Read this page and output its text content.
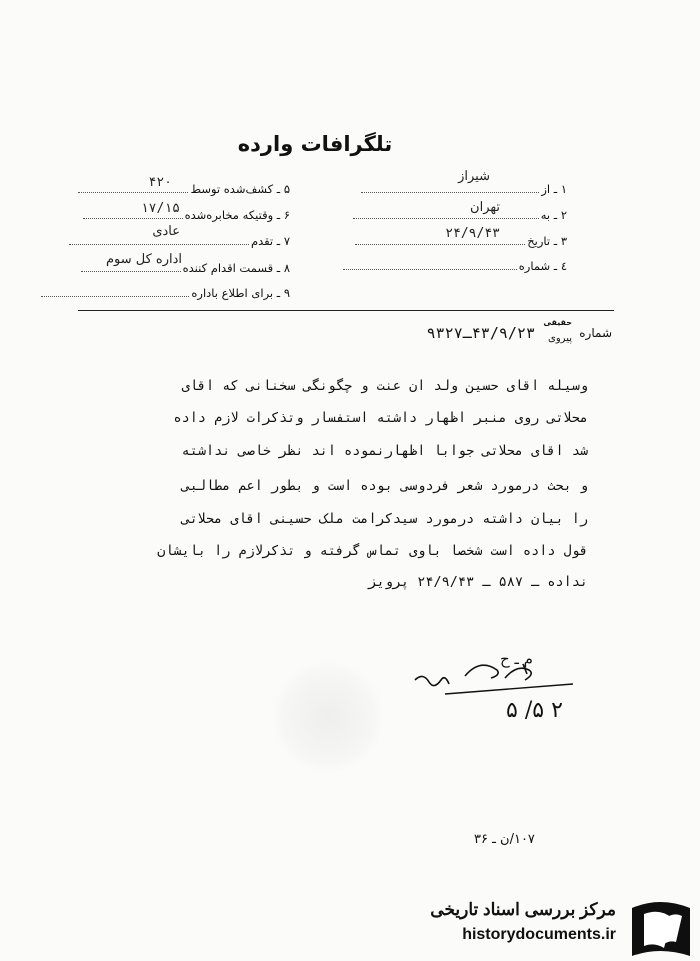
تلگرافات وارده
۱ ـ از
شیراز
۲ ـ به
تهران
۳ ـ تاریخ
۲۴/۹/۴۳
٤ ـ شماره
۵ ـ کشف‌شده توسط
۴۲۰
۶ ـ وقتیکه مخابره‌شده
۱۷/۱۵
۷ ـ تقدم
عادی
۸ ـ قسمت اقدام کننده
اداره کل سوم
۹ ـ برای اطلاع باداره
شماره
حقیقی
پیروی
۴۳/۹/۲۳ـ۹۳۲۷
وسیله اقای حسین ولد ان عنت و چگونگی سخنانی که اقای
محلاتی روی منبر اظهار داشته استفسار وتذکرات لازم داده
شد اقای محلاتی جوابا اظهارنموده اند نظر خاصی نداشته
و بحث درمورد شعر فردوسی بوده است و بطور اعم مطالبی
را بیان داشته درمورد سیدکرامت ملک حسینی اقای محلاتی
قول داده است شخصا باوی تماس گرفته و تذکرلازم را بایشان
نداده ـ ۵۸۷ ـ ۲۴/۹/۴۳ پرویز
م ـ ح
۲ ۵/ ۵
۱۰۷/ن ـ ۳۶
مرکز بررسی اسناد تاریخی
historydocuments.ir
